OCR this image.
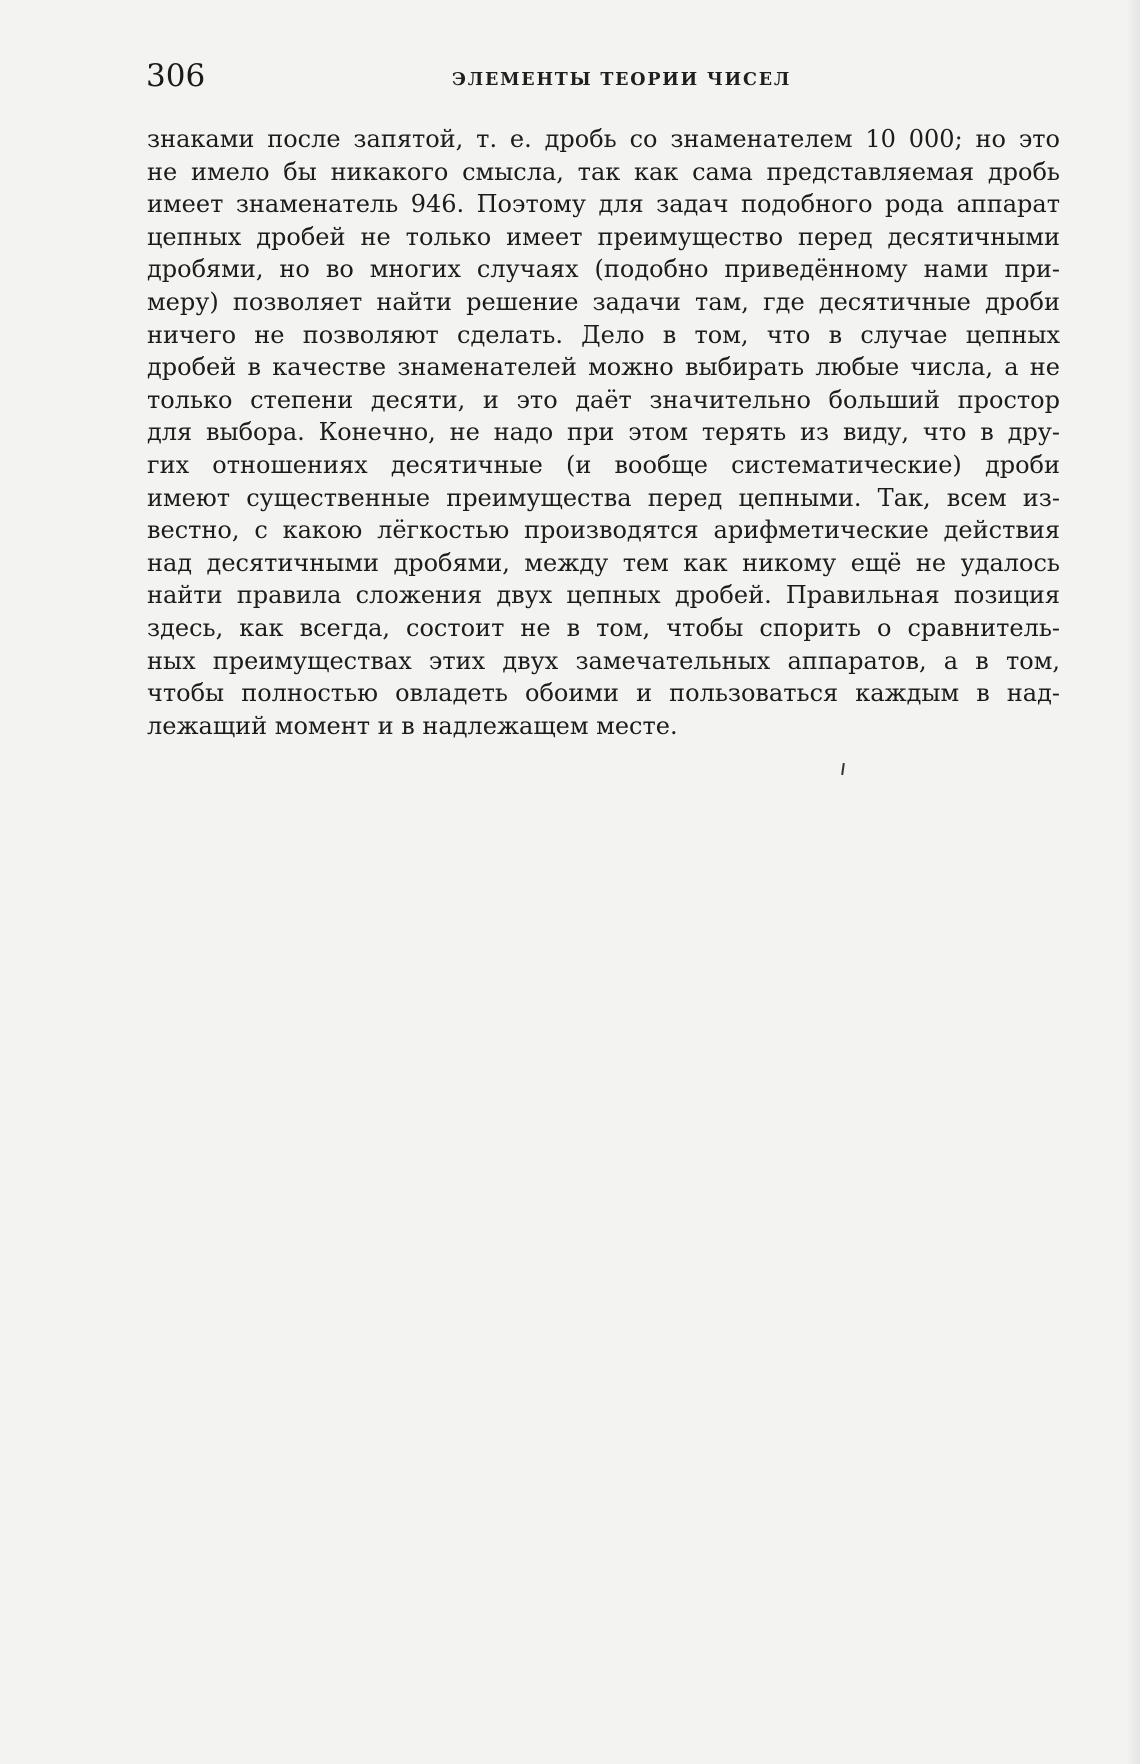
306	ЭЛЕМЕНТЫ ТЕОРИИ ЧИСЕЛ
знаками после запятой, т. е. дробь со знаменателем 10 000; но это
не имело бы никакого смысла, так как сама представляемая дробь
имеет знаменатель 946. Поэтому для задач подобного рода аппарат
цепных дробей не только имеет преимущество перед десятичными
дробями, но во многих случаях (подобно приведённому нами при-
меру) позволяет найти решение задачи там, где десятичные дроби
ничего не позволяют сделать. Дело в том, что в случае цепных
дробей в качестве знаменателей можно выбирать любые числа, а не
только степени десяти, и это даёт значительно больший простор
для выбора. Конечно, не надо при этом терять из виду, что в дру-
гих отношениях десятичные (и вообще систематические) дроби
имеют существенные преимущества перед цепными. Так, всем из-
вестно, с какою лёгкостью производятся арифметические действия
над десятичными дробями, между тем как никому ещё не удалось
найти правила сложения двух цепных дробей. Правильная позиция
здесь, как всегда, состоит не в том, чтобы спорить о сравнитель-
ных преимуществах этих двух замечательных аппаратов, а в том,
чтобы полностью овладеть обоими и пользоваться каждым в над-
лежащий момент и в надлежащем месте.
